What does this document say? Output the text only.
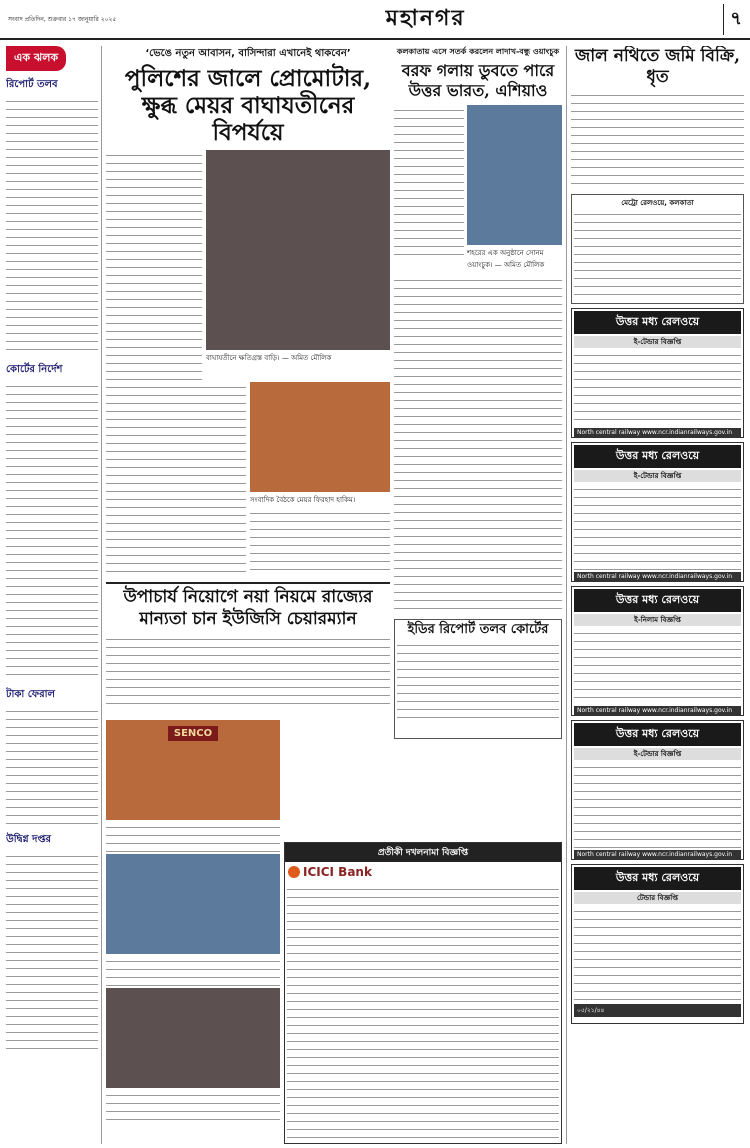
সংবাদ প্রতিদিন, শুক্রবার ১৭ জানুয়ারি ২০২৫	মহানগর	৭
এক ঝলক
রিপোর্ট তলব
কোর্টের নির্দেশ
টাকা ফেরাল
উদ্বিগ্ন দপ্তর
‘ভেঙে নতুন আবাসন, বাসিন্দারা এখানেই থাকবেন’
পুলিশের জালে প্রোমোটার, ক্ষুব্ধ মেয়র বাঘাযতীনের বিপর্যয়ে
বাঘাযতীনে ক্ষতিগ্রস্ত বাড়ি। — অমিত মৌলিক
সংবাদিক বৈঠকে মেয়র ফিরহাদ হাকিম।
উপাচার্য নিয়োগে নয়া নিয়মে রাজ্যের মান্যতা চান ইউজিসি চেয়ারম্যান
SENCO
কলকাতায় এসে সতর্ক করলেন লাদাখ-বন্ধু ওয়াংচুক
বরফ গলায় ডুবতে পারে উত্তর ভারত, এশিয়াও
শহরের এক অনুষ্ঠানে সোনম ওয়াংচুক। — অমিত মৌলিক
ইডির রিপোর্ট তলব কোর্টের
প্রতীকী দখলনামা বিজ্ঞপ্তি
ICICI Bank
জাল নথিতে জমি বিক্রি, ধৃত
মেট্রো রেলওয়ে, কলকাতা
উত্তর মধ্য রেলওয়ে
ই-টেন্ডার বিজ্ঞপ্তি
North central railway www.ncr.indianrailways.gov.in
উত্তর মধ্য রেলওয়ে
ই-টেন্ডার বিজ্ঞপ্তি
North central railway www.ncr.indianrailways.gov.in
উত্তর মধ্য রেলওয়ে
ই-নিলাম বিজ্ঞপ্তি
North central railway www.ncr.indianrailways.gov.in
উত্তর মধ্য রেলওয়ে
ই-টেন্ডার বিজ্ঞপ্তি
North central railway www.ncr.indianrailways.gov.in
উত্তর মধ্য রেলওয়ে
টেন্ডার বিজ্ঞপ্তি
০৫/২১/৪৪
